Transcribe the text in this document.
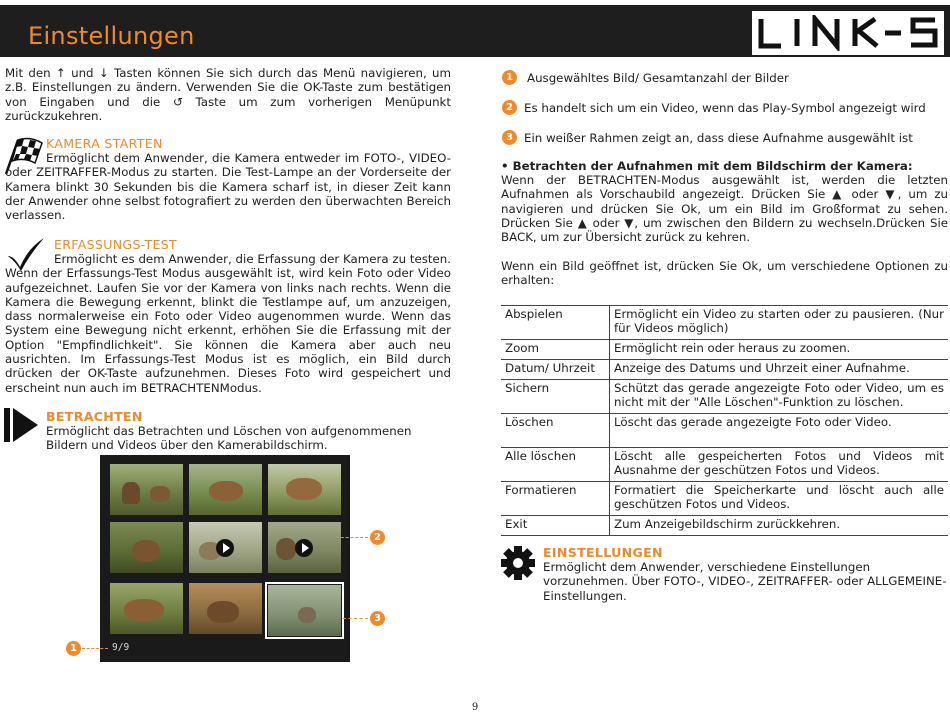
Einstellungen
Mit den ↑ und ↓ Tasten können Sie sich durch das Menü navigieren, um z.B. Einstellungen zu ändern. Verwenden Sie die OK-Taste zum bestätigen von Eingaben und die ↺ Taste um zum vorherigen Menüpunkt zurückzukehren.
KAMERA STARTEN
Ermöglicht dem Anwender, die Kamera entweder im FOTO-, VIDEO- oder ZEITRAFFER-Modus zu starten. Die Test-Lampe an der Vorderseite der Kamera blinkt 30 Sekunden bis die Kamera scharf ist, in dieser Zeit kann der Anwender ohne selbst fotografiert zu werden den überwachten Bereich verlassen.
ERFASSUNGS-TEST
Ermöglicht es dem Anwender, die Erfassung der Kamera zu testen. Wenn der Erfassungs-Test Modus ausgewählt ist, wird kein Foto oder Video aufgezeichnet. Laufen Sie vor der Kamera von links nach rechts. Wenn die Kamera die Bewegung erkennt, blinkt die Testlampe auf, um anzuzeigen, dass normalerweise ein Foto oder Video augenommen wurde. Wenn das System eine Bewegung nicht erkennt, erhöhen Sie die Erfassung mit der Option "Empfindlichkeit". Sie können die Kamera aber auch neu ausrichten. Im Erfassungs-Test Modus ist es möglich, ein Bild durch drücken der OK-Taste aufzunehmen. Dieses Foto wird gespeichert und erscheint nun auch im BETRACHTENModus.
BETRACHTEN
Ermöglicht das Betrachten und Löschen von aufgenommenen Bildern und Videos über den Kamerabildschirm.
9/9
1
2
3
1	Ausgewähltes Bild/ Gesamtanzahl der Bilder
2 Es handelt sich um ein Video, wenn das Play-Symbol angezeigt wird
3 Ein weißer Rahmen zeigt an, dass diese Aufnahme ausgewählt ist
• Betrachten der Aufnahmen mit dem Bildschirm der Kamera:
Wenn der BETRACHTEN-Modus ausgewählt ist, werden die letzten Aufnahmen als Vorschaubild angezeigt. Drücken Sie ▲ oder ▼, um zu navigieren und drücken Sie Ok, um ein Bild im Großformat zu sehen. Drücken Sie ▲ oder ▼, um zwischen den Bildern zu wechseln.Drücken Sie BACK, um zur Übersicht zurück zu kehren.
Wenn ein Bild geöffnet ist, drücken Sie Ok, um verschiedene Optionen zu erhalten:
Abspielen	Ermöglicht ein Video zu starten oder zu pausieren. (Nur für Videos möglich)
Zoom	Ermöglicht rein oder heraus zu zoomen.
Datum/ Uhrzeit	Anzeige des Datums und Uhrzeit einer Aufnahme.
Sichern	Schützt das gerade angezeigte Foto oder Video, um es nicht mit der "Alle Löschen"-Funktion zu löschen.
Löschen	Löscht das gerade angezeigte Foto oder Video.
Alle löschen	Löscht alle gespeicherten Fotos und Videos mit Ausnahme der geschützen Fotos und Videos.
Formatieren	Formatiert die Speicherkarte und löscht auch alle geschützen Fotos und Videos.
Exit	Zum Anzeigebildschirm zurückkehren.
EINSTELLUNGEN
Ermöglicht dem Anwender, verschiedene Einstellungen vorzunehmen. Über FOTO-, VIDEO-, ZEITRAFFER- oder ALLGEMEINE-Einstellungen.
9
